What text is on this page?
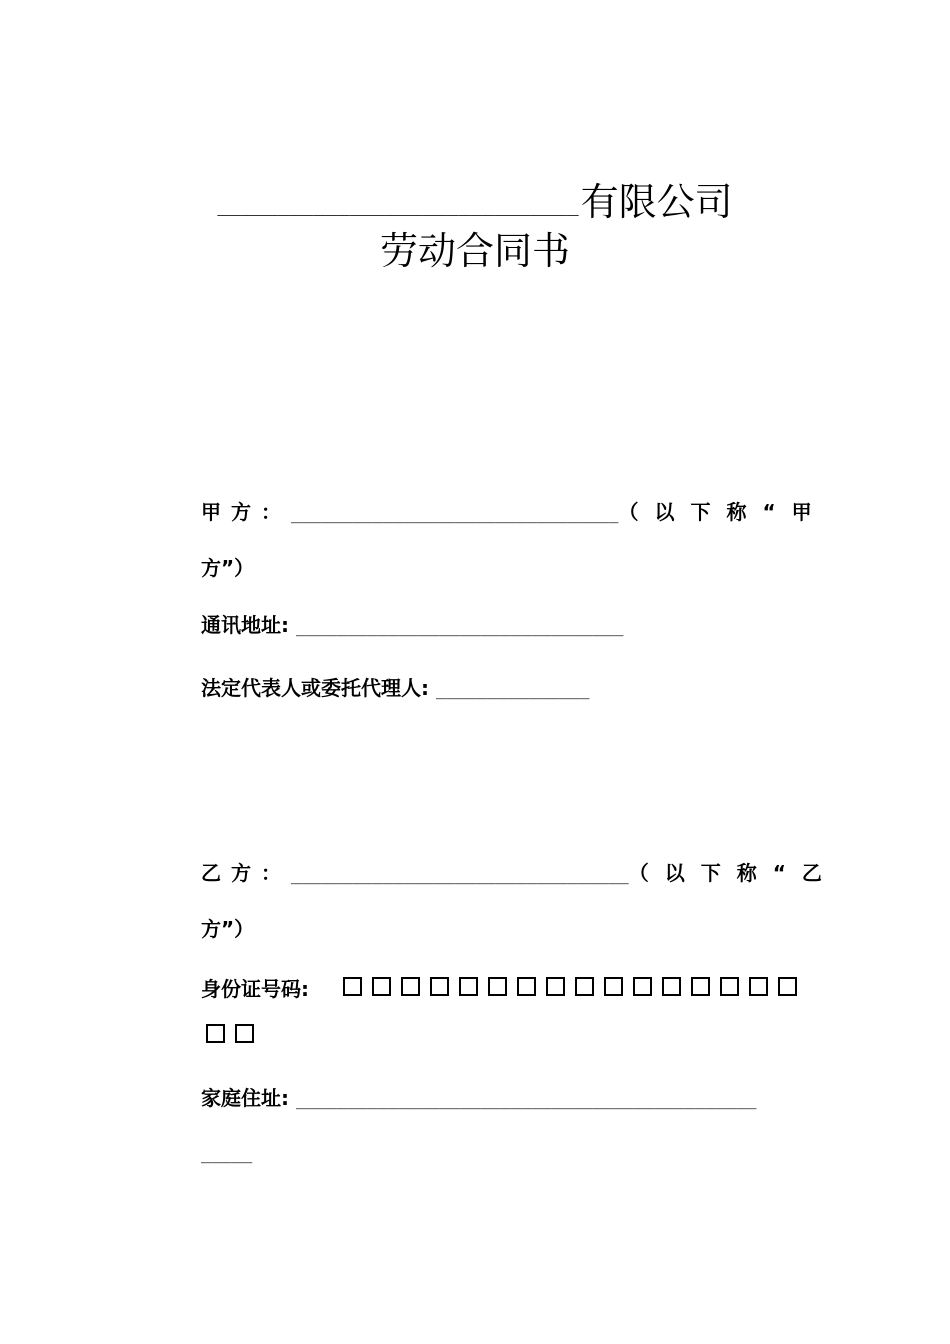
______________________________有限公司
劳动合同书
甲方： ________________________________ （以下称“甲
方”）
通讯地址: ________________________________
法定代表人或委托代理人: _______________
乙方： _________________________________ （以下称“乙
方”）
身份证号码:
家庭住址: _____________________________________________
_____
